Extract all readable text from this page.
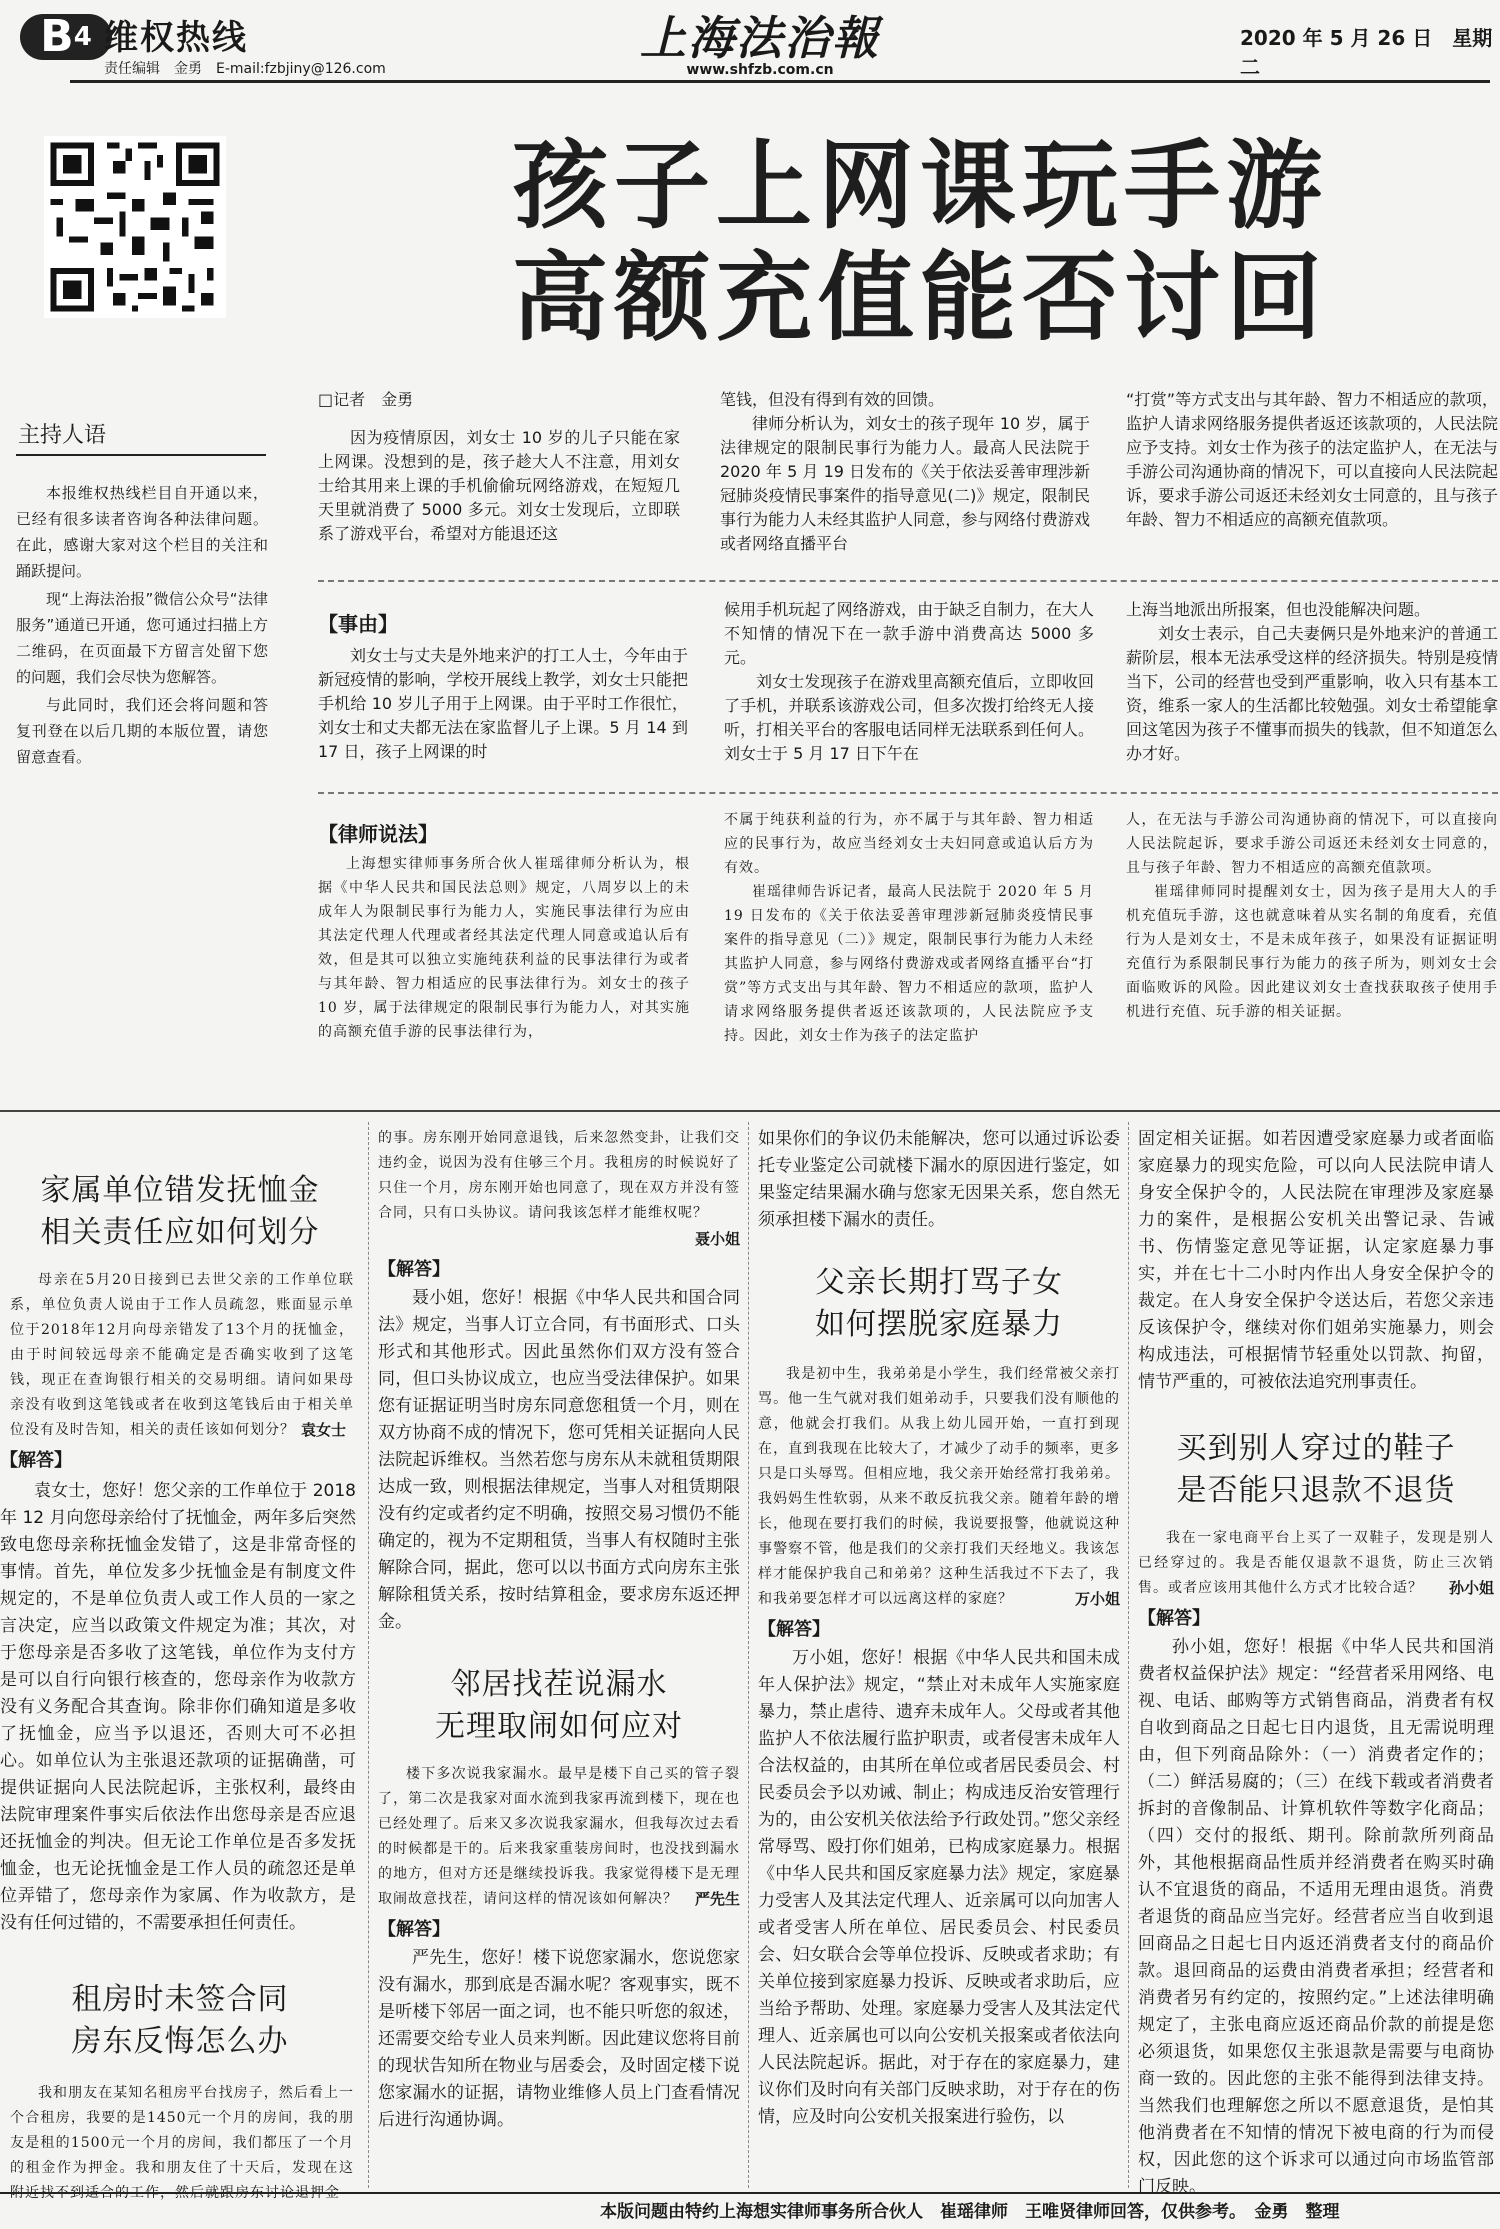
B4 维权热线
责任编辑　金勇　E-mail:fzbjiny@126.com
上海法治報
www.shfzb.com.cn
2020 年 5 月 26 日　星期二
孩子上网课玩手游
高额充值能否讨回
主持人语

本报维权热线栏目自开通以来，已经有很多读者咨询各种法律问题。在此，感谢大家对这个栏目的关注和踊跃提问。

现“上海法治报”微信公众号“法律服务”通道已开通，您可通过扫描上方二维码，在页面最下方留言处留下您的问题，我们会尽快为您解答。

与此同时，我们还会将问题和答复刊登在以后几期的本版位置，请您留意查看。

□记者　金勇

因为疫情原因，刘女士 10 岁的儿子只能在家上网课。没想到的是，孩子趁大人不注意，用刘女士给其用来上课的手机偷偷玩网络游戏，在短短几天里就消费了 5000 多元。刘女士发现后，立即联系了游戏平台，希望对方能退还这

笔钱，但没有得到有效的回馈。

律师分析认为，刘女士的孩子现年 10 岁，属于法律规定的限制民事行为能力人。最高人民法院于 2020 年 5 月 19 日发布的《关于依法妥善审理涉新冠肺炎疫情民事案件的指导意见(二)》规定，限制民事行为能力人未经其监护人同意，参与网络付费游戏或者网络直播平台

“打赏”等方式支出与其年龄、智力不相适应的款项，监护人请求网络服务提供者返还该款项的，人民法院应予支持。刘女士作为孩子的法定监护人，在无法与手游公司沟通协商的情况下，可以直接向人民法院起诉，要求手游公司返还未经刘女士同意的，且与孩子年龄、智力不相适应的高额充值款项。

【事由】

刘女士与丈夫是外地来沪的打工人士，今年由于新冠疫情的影响，学校开展线上教学，刘女士只能把手机给 10 岁儿子用于上网课。由于平时工作很忙，刘女士和丈夫都无法在家监督儿子上课。5 月 14 到 17 日，孩子上网课的时

候用手机玩起了网络游戏，由于缺乏自制力，在大人不知情的情况下在一款手游中消费高达 5000 多元。

刘女士发现孩子在游戏里高额充值后，立即收回了手机，并联系该游戏公司，但多次拨打给终无人接听，打相关平台的客服电话同样无法联系到任何人。刘女士于 5 月 17 日下午在

上海当地派出所报案，但也没能解决问题。

刘女士表示，自己夫妻俩只是外地来沪的普通工薪阶层，根本无法承受这样的经济损失。特别是疫情当下，公司的经营也受到严重影响，收入只有基本工资，维系一家人的生活都比较勉强。刘女士希望能拿回这笔因为孩子不懂事而损失的钱款，但不知道怎么办才好。

【律师说法】

上海想实律师事务所合伙人崔瑶律师分析认为，根据《中华人民共和国民法总则》规定，八周岁以上的未成年人为限制民事行为能力人，实施民事法律行为应由其法定代理人代理或者经其法定代理人同意或追认后有效，但是其可以独立实施纯获利益的民事法律行为或者与其年龄、智力相适应的民事法律行为。刘女士的孩子 10 岁，属于法律规定的限制民事行为能力人，对其实施的高额充值手游的民事法律行为，

不属于纯获利益的行为，亦不属于与其年龄、智力相适应的民事行为，故应当经刘女士夫妇同意或追认后方为有效。

崔瑶律师告诉记者，最高人民法院于 2020 年 5 月 19 日发布的《关于依法妥善审理涉新冠肺炎疫情民事案件的指导意见（二）》规定，限制民事行为能力人未经其监护人同意，参与网络付费游戏或者网络直播平台“打赏”等方式支出与其年龄、智力不相适应的款项，监护人请求网络服务提供者返还该款项的，人民法院应予支持。因此，刘女士作为孩子的法定监护

人，在无法与手游公司沟通协商的情况下，可以直接向人民法院起诉，要求手游公司返还未经刘女士同意的，且与孩子年龄、智力不相适应的高额充值款项。

崔瑶律师同时提醒刘女士，因为孩子是用大人的手机充值玩手游，这也就意味着从实名制的角度看，充值行为人是刘女士，不是未成年孩子，如果没有证据证明充值行为系限制民事行为能力的孩子所为，则刘女士会面临败诉的风险。因此建议刘女士查找获取孩子使用手机进行充值、玩手游的相关证据。

家属单位错发抚恤金
相关责任应如何划分

母亲在5月20日接到已去世父亲的工作单位联系，单位负责人说由于工作人员疏忽，账面显示单位于2018年12月向母亲错发了13个月的抚恤金，由于时间较远母亲不能确定是否确实收到了这笔钱，现正在查询银行相关的交易明细。请问如果母亲没有收到这笔钱或者在收到这笔钱后由于相关单位没有及时告知，相关的责任该如何划分？ 袁女士
【解答】

袁女士，您好！您父亲的工作单位于 2018 年 12 月向您母亲给付了抚恤金，两年多后突然致电您母亲称抚恤金发错了，这是非常奇怪的事情。首先，单位发多少抚恤金是有制度文件规定的，不是单位负责人或工作人员的一家之言决定，应当以政策文件规定为准；其次，对于您母亲是否多收了这笔钱，单位作为支付方是可以自行向银行核查的，您母亲作为收款方没有义务配合其查询。除非你们确知道是多收了抚恤金，应当予以退还，否则大可不必担心。如单位认为主张退还款项的证据确凿，可提供证据向人民法院起诉，主张权利，最终由法院审理案件事实后依法作出您母亲是否应退还抚恤金的判决。但无论工作单位是否多发抚恤金，也无论抚恤金是工作人员的疏忽还是单位弄错了，您母亲作为家属、作为收款方，是没有任何过错的，不需要承担任何责任。

租房时未签合同
房东反悔怎么办

我和朋友在某知名租房平台找房子，然后看上一个合租房，我要的是1450元一个月的房间，我的朋友是租的1500元一个月的房间，我们都压了一个月的租金作为押金。我和朋友住了十天后，发现在这附近找不到适合的工作，然后就跟房东讨论退押金

的事。房东刚开始同意退钱，后来忽然变卦，让我们交违约金，说因为没有住够三个月。我租房的时候说好了只住一个月，房东刚开始也同意了，现在双方并没有签合同，只有口头协议。请问我该怎样才能维权呢？

聂小姐
【解答】

聂小姐，您好！根据《中华人民共和国合同法》规定，当事人订立合同，有书面形式、口头形式和其他形式。因此虽然你们双方没有签合同，但口头协议成立，也应当受法律保护。如果您有证据证明当时房东同意您租赁一个月，则在双方协商不成的情况下，您可凭相关证据向人民法院起诉维权。当然若您与房东从未就租赁期限达成一致，则根据法律规定，当事人对租赁期限没有约定或者约定不明确，按照交易习惯仍不能确定的，视为不定期租赁，当事人有权随时主张解除合同，据此，您可以以书面方式向房东主张解除租赁关系，按时结算租金，要求房东返还押金。

邻居找茬说漏水
无理取闹如何应对

楼下多次说我家漏水。最早是楼下自己买的管子裂了，第二次是我家对面水流到我家再流到楼下，现在也已经处理了。后来又多次说我家漏水，但我每次过去看的时候都是干的。后来我家重装房间时，也没找到漏水的地方，但对方还是继续投诉我。我家觉得楼下是无理取闹故意找茬，请问这样的情况该如何解决？	严先生
【解答】

严先生，您好！楼下说您家漏水，您说您家没有漏水，那到底是否漏水呢？客观事实，既不是听楼下邻居一面之词，也不能只听您的叙述，还需要交给专业人员来判断。因此建议您将目前的现状告知所在物业与居委会，及时固定楼下说您家漏水的证据，请物业维修人员上门查看情况后进行沟通协调。

如果你们的争议仍未能解决，您可以通过诉讼委托专业鉴定公司就楼下漏水的原因进行鉴定，如果鉴定结果漏水确与您家无因果关系，您自然无须承担楼下漏水的责任。

父亲长期打骂子女
如何摆脱家庭暴力

我是初中生，我弟弟是小学生，我们经常被父亲打骂。他一生气就对我们姐弟动手，只要我们没有顺他的意，他就会打我们。从我上幼儿园开始，一直打到现在，直到我现在比较大了，才减少了动手的频率，更多只是口头辱骂。但相应地，我父亲开始经常打我弟弟。我妈妈生性软弱，从来不敢反抗我父亲。随着年龄的增长，他现在要打我们的时候，我说要报警，他就说这种事警察不管，他是我们的父亲打我们天经地义。我该怎样才能保护我自己和弟弟？这种生活我过不下去了，我和我弟要怎样才可以远离这样的家庭？	万小姐
【解答】

万小姐，您好！根据《中华人民共和国未成年人保护法》规定，“禁止对未成年人实施家庭暴力，禁止虐待、遗弃未成年人。父母或者其他监护人不依法履行监护职责，或者侵害未成年人合法权益的，由其所在单位或者居民委员会、村民委员会予以劝诫、制止；构成违反治安管理行为的，由公安机关依法给予行政处罚。”您父亲经常辱骂、殴打你们姐弟，已构成家庭暴力。根据《中华人民共和国反家庭暴力法》规定，家庭暴力受害人及其法定代理人、近亲属可以向加害人或者受害人所在单位、居民委员会、村民委员会、妇女联合会等单位投诉、反映或者求助；有关单位接到家庭暴力投诉、反映或者求助后，应当给予帮助、处理。家庭暴力受害人及其法定代理人、近亲属也可以向公安机关报案或者依法向人民法院起诉。据此，对于存在的家庭暴力，建议你们及时向有关部门反映求助，对于存在的伤情，应及时向公安机关报案进行验伤，以

固定相关证据。如若因遭受家庭暴力或者面临家庭暴力的现实危险，可以向人民法院申请人身安全保护令的，人民法院在审理涉及家庭暴力的案件，是根据公安机关出警记录、告诫书、伤情鉴定意见等证据，认定家庭暴力事实，并在七十二小时内作出人身安全保护令的裁定。在人身安全保护令送达后，若您父亲违反该保护令，继续对你们姐弟实施暴力，则会构成违法，可根据情节轻重处以罚款、拘留，情节严重的，可被依法追究刑事责任。

买到别人穿过的鞋子
是否能只退款不退货

我在一家电商平台上买了一双鞋子，发现是别人已经穿过的。我是否能仅退款不退货，防止三次销售。或者应该用其他什么方式才比较合适？	孙小姐
【解答】

孙小姐，您好！根据《中华人民共和国消费者权益保护法》规定：“经营者采用网络、电视、电话、邮购等方式销售商品，消费者有权自收到商品之日起七日内退货，且无需说明理由，但下列商品除外：（一）消费者定作的；（二）鲜活易腐的；（三）在线下载或者消费者拆封的音像制品、计算机软件等数字化商品；（四）交付的报纸、期刊。除前款所列商品外，其他根据商品性质并经消费者在购买时确认不宜退货的商品，不适用无理由退货。消费者退货的商品应当完好。经营者应当自收到退回商品之日起七日内返还消费者支付的商品价款。退回商品的运费由消费者承担；经营者和消费者另有约定的，按照约定。”上述法律明确规定了，主张电商应返还商品价款的前提是您必须退货，如果您仅主张退款是需要与电商协商一致的。因此您的主张不能得到法律支持。当然我们也理解您之所以不愿意退货，是怕其他消费者在不知情的情况下被电商的行为而侵权，因此您的这个诉求可以通过向市场监管部门反映。

本版问题由特约上海想实律师事务所合伙人　崔瑶律师　王唯贤律师回答，仅供参考。　金勇　整理
